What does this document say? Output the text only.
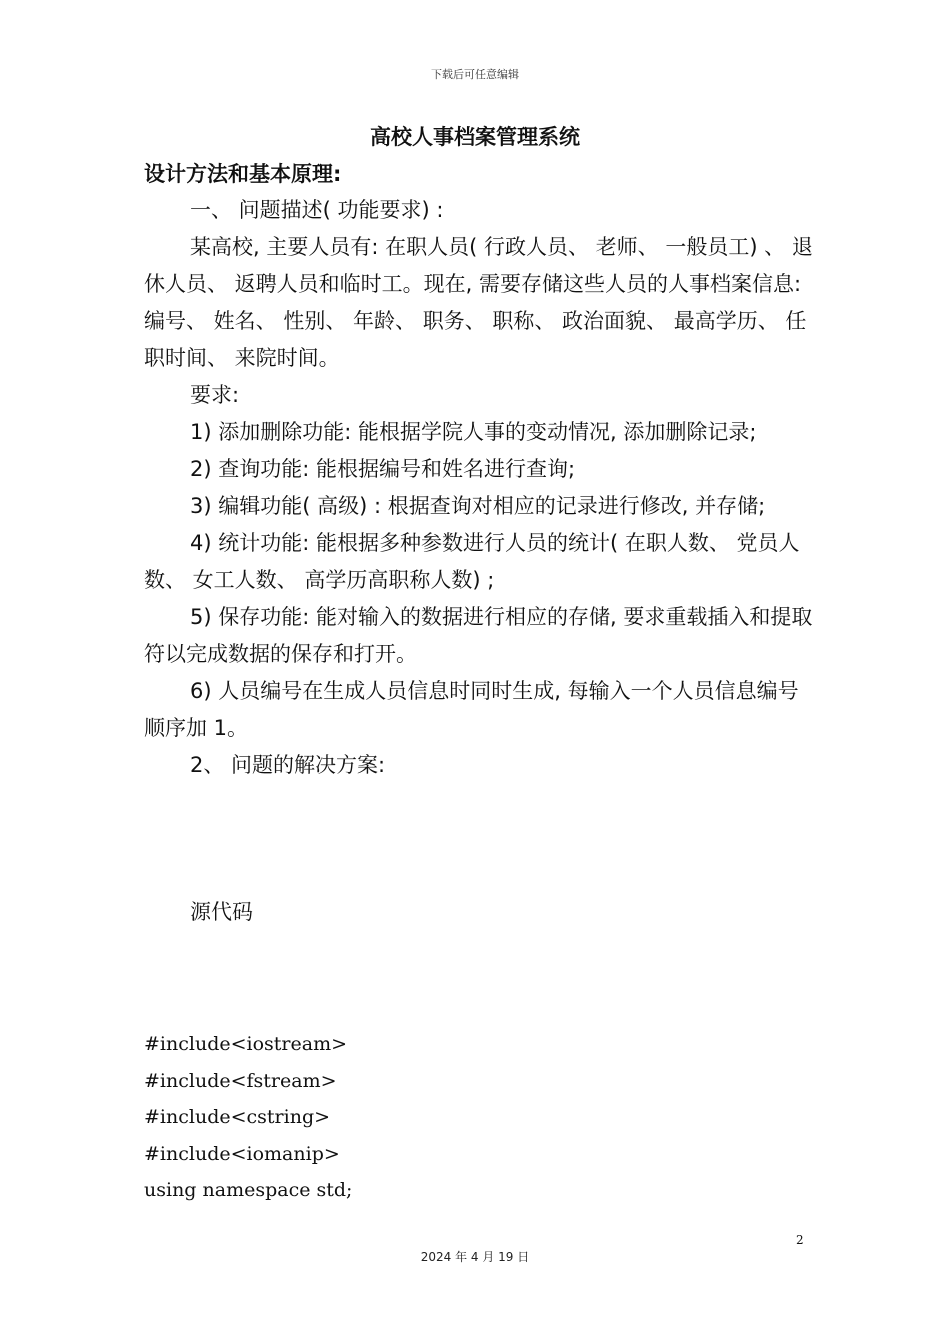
下载后可任意编辑
高校人事档案管理系统
设计方法和基本原理:

一、 问题描述( 功能要求) :

某高校, 主要人员有: 在职人员( 行政人员、 老师、 一般员工) 、 退休人员、 返聘人员和临时工。现在, 需要存储这些人员的人事档案信息: 编号、 姓名、 性别、 年龄、 职务、 职称、 政治面貌、 最高学历、 任职时间、 来院时间。

要求:

1) 添加删除功能: 能根据学院人事的变动情况, 添加删除记录;

2) 查询功能: 能根据编号和姓名进行查询;

3) 编辑功能( 高级) : 根据查询对相应的记录进行修改, 并存储;

4) 统计功能: 能根据多种参数进行人员的统计( 在职人数、 党员人数、 女工人数、 高学历高职称人数) ;

5) 保存功能: 能对输入的数据进行相应的存储, 要求重载插入和提取符以完成数据的保存和打开。

6) 人员编号在生成人员信息时同时生成, 每输入一个人员信息编号顺序加 1。

2、 问题的解决方案:

源代码
#include<iostream>
#include<fstream>
#include<cstring>
#include<iomanip>
using namespace std;
2
2024 年 4 月 19 日
